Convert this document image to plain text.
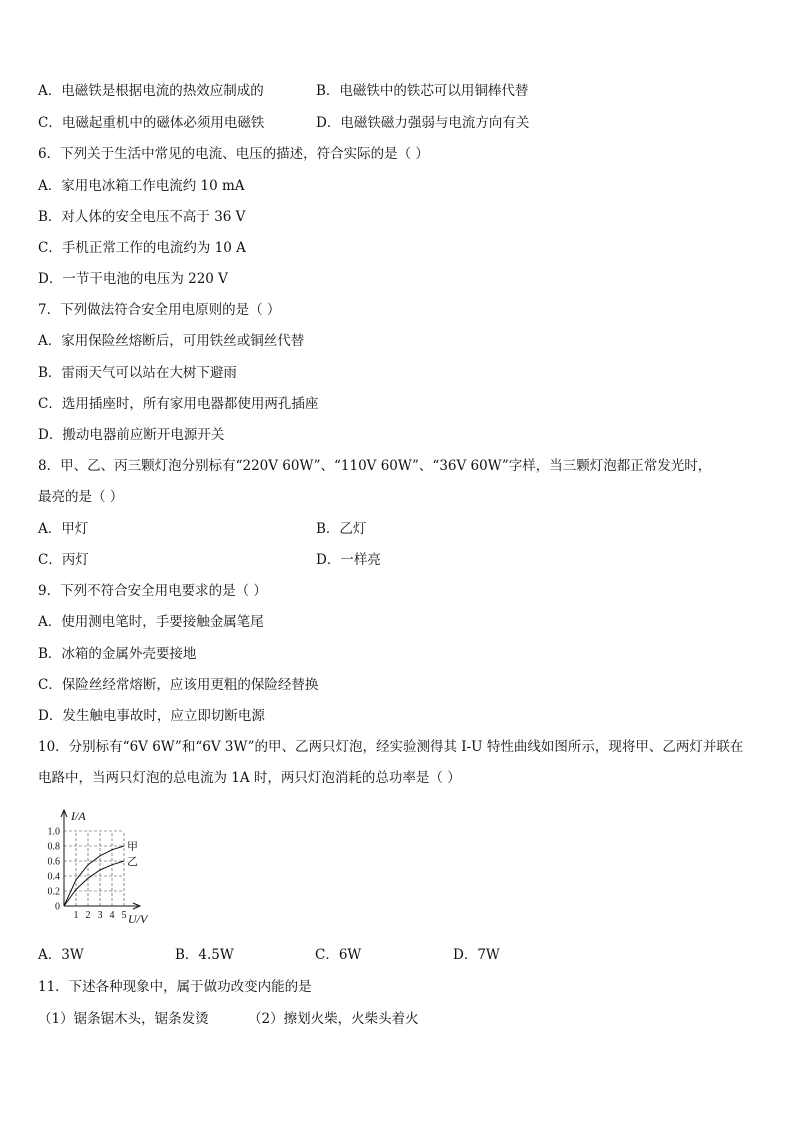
A．电磁铁是根据电流的热效应制成的	B．电磁铁中的铁芯可以用铜棒代替
C．电磁起重机中的磁体必须用电磁铁	D．电磁铁磁力强弱与电流方向有关
6．下列关于生活中常见的电流、电压的描述，符合实际的是（ ）
A．家用电冰箱工作电流约 10 mA
B．对人体的安全电压不高于 36 V
C．手机正常工作的电流约为 10 A
D．一节干电池的电压为 220 V
7．下列做法符合安全用电原则的是（ ）
A．家用保险丝熔断后，可用铁丝或铜丝代替
B．雷雨天气可以站在大树下避雨
C．选用插座时，所有家用电器都使用两孔插座
D．搬动电器前应断开电源开关
8．甲、乙、丙三颗灯泡分别标有“220V 60W”、“110V 60W”、“36V 60W”字样，当三颗灯泡都正常发光时，
最亮的是（ ）
A．甲灯	B．乙灯
C．丙灯	D．一样亮
9．下列不符合安全用电要求的是（ ）
A．使用测电笔时，手要接触金属笔尾
B．冰箱的金属外壳要接地
C．保险丝经常熔断，应该用更粗的保险经替换
D．发生触电事故时，应立即切断电源
10．分别标有“6V 6W”和“6V 3W”的甲、乙两只灯泡，经实验测得其 I-U 特性曲线如图所示，现将甲、乙两灯并联在
电路中，当两只灯泡的总电流为 1A 时，两只灯泡消耗的总功率是（ ）
甲
乙
1.0
0.8
0.6
0.4
0.2
1 2 3 4 5
0
I/A
U/V
A．3W	B．4.5W	C．6W	D．7W
11．下述各种现象中，属于做功改变内能的是
（1）锯条锯木头，锯条发烫	（2）擦划火柴，火柴头着火
